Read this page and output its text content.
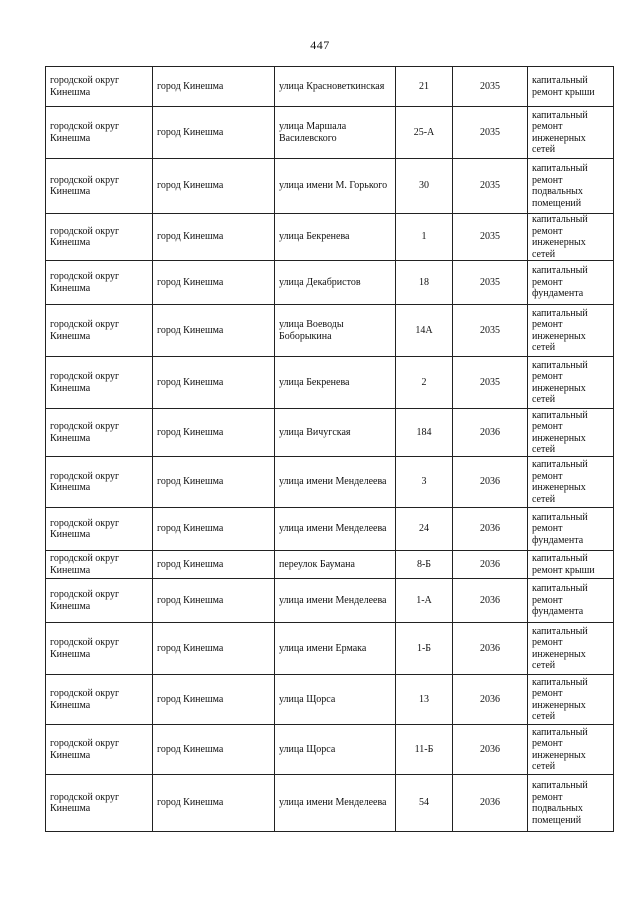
447
городской округ Кинешма	город Кинешма	улица Красноветкинская	21	2035	капитальный ремонт крыши
городской округ Кинешма	город Кинешма	улица Маршала Василевского	25-А	2035	капитальный ремонт инженерных сетей
городской округ Кинешма	город Кинешма	улица имени М. Горького	30	2035	капитальный ремонт подвальных помещений
городской округ Кинешма	город Кинешма	улица Бекренева	1	2035	капитальный ремонт инженерных сетей
городской округ Кинешма	город Кинешма	улица Декабристов	18	2035	капитальный ремонт фундамента
городской округ Кинешма	город Кинешма	улица Воеводы Боборыкина	14А	2035	капитальный ремонт инженерных сетей
городской округ Кинешма	город Кинешма	улица Бекренева	2	2035	капитальный ремонт инженерных сетей
городской округ Кинешма	город Кинешма	улица Вичугская	184	2036	капитальный ремонт инженерных сетей
городской округ Кинешма	город Кинешма	улица имени Менделеева	3	2036	капитальный ремонт инженерных сетей
городской округ Кинешма	город Кинешма	улица имени Менделеева	24	2036	капитальный ремонт фундамента
городской округ Кинешма	город Кинешма	переулок Баумана	8-Б	2036	капитальный ремонт крыши
городской округ Кинешма	город Кинешма	улица имени Менделеева	1-А	2036	капитальный ремонт фундамента
городской округ Кинешма	город Кинешма	улица имени Ермака	1-Б	2036	капитальный ремонт инженерных сетей
городской округ Кинешма	город Кинешма	улица Щорса	13	2036	капитальный ремонт инженерных сетей
городской округ Кинешма	город Кинешма	улица Щорса	11-Б	2036	капитальный ремонт инженерных сетей
городской округ Кинешма	город Кинешма	улица имени Менделеева	54	2036	капитальный ремонт подвальных помещений
